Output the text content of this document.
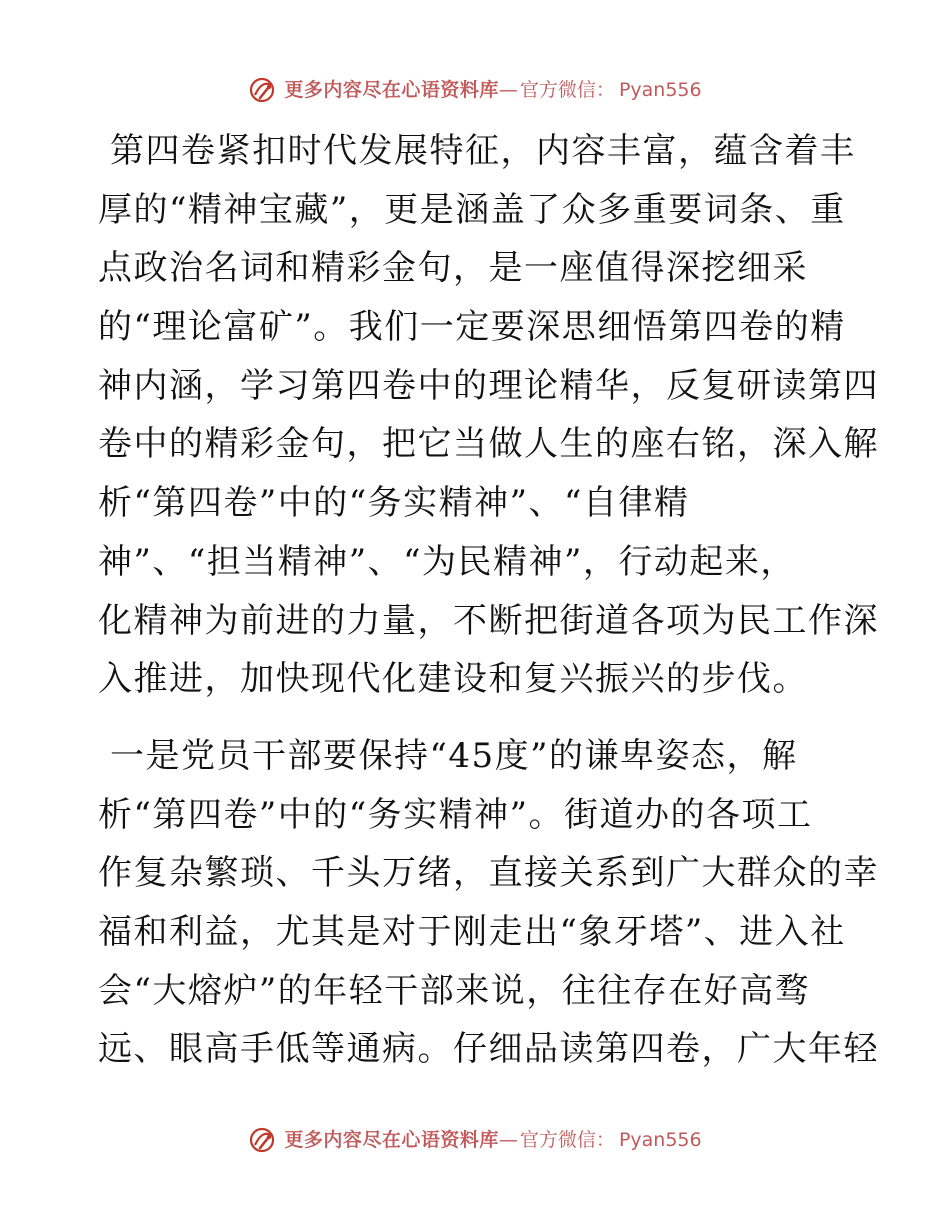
更多内容尽在心语资料库 — 官方微信： Pyan556
第四卷紧扣时代发展特征，内容丰富，蕴含着丰
厚的“精神宝藏”，更是涵盖了众多重要词条、重
点政治名词和精彩金句，是一座值得深挖细采
的“理论富矿”。我们一定要深思细悟第四卷的精
神内涵，学习第四卷中的理论精华，反复研读第四
卷中的精彩金句，把它当做人生的座右铭，深入解
析“第四卷”中的“务实精神”、“自律精
神”、“担当精神”、“为民精神”，行动起来，
化精神为前进的力量，不断把街道各项为民工作深
入推进，加快现代化建设和复兴振兴的步伐。
一是党员干部要保持“45度”的谦卑姿态，解
析“第四卷”中的“务实精神”。街道办的各项工
作复杂繁琐、千头万绪，直接关系到广大群众的幸
福和利益，尤其是对于刚走出“象牙塔”、进入社
会“大熔炉”的年轻干部来说，往往存在好高骛
远、眼高手低等通病。仔细品读第四卷，广大年轻
更多内容尽在心语资料库 — 官方微信： Pyan556
